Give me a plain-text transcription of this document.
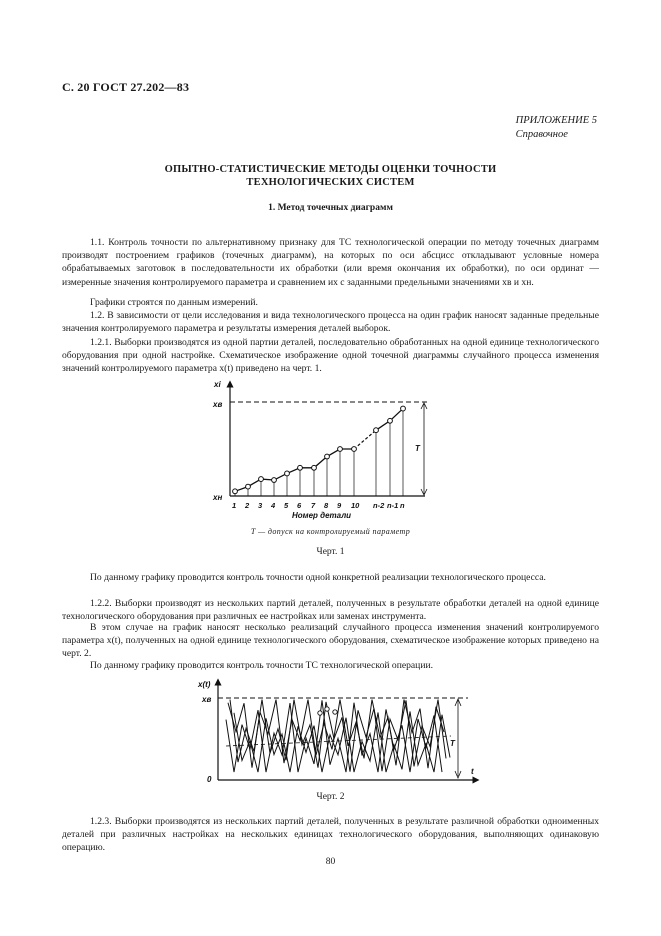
С. 20 ГОСТ 27.202—83
ПРИЛОЖЕНИЕ 5
Справочное
ОПЫТНО-СТАТИСТИЧЕСКИЕ МЕТОДЫ ОЦЕНКИ ТОЧНОСТИ
ТЕХНОЛОГИЧЕСКИХ СИСТЕМ
1. Метод точечных диаграмм
1.1. Контроль точности по альтернативному признаку для ТС технологической операции по методу точечных диаграмм производят построением графиков (точечных диаграмм), на которых по оси абсцисс откладывают условные номера обрабатываемых заготовок в последовательности их обработки (или время окончания их обработки), по оси ординат — измеренные значения контролируемого параметра и сравнением их с заданными предельными значениями xв и xн.
Графики строятся по данным измерений.
1.2. В зависимости от цели исследования и вида технологического процесса на один график наносят заданные предельные значения контролируемого параметра и результаты измерения деталей выборок.
1.2.1. Выборки производятся из одной партии деталей, последовательно обработанных на одной единице технологического оборудования при одной настройке. Схематическое изображение одной точечной диаграммы случайного процесса изменения значений контролируемого параметра x(t) приведено на черт. 1.
xi
xв
xн
T
1 2 3 4 5 6 7 8 9 10 n-2 n-1 n
Номер детали
T — допуск на контролируемый параметр
Черт. 1
По данному графику проводится контроль точности одной конкретной реализации технологического процесса.
1.2.2. Выборки производят из нескольких партий деталей, полученных в результате обработки деталей на одной единице технологического оборудования при различных ее настройках или заменах инструмента.
В этом случае на график наносят несколько реализаций случайного процесса изменения значений контролируемого параметра x(t), полученных на одной единице технологического оборудования, схематическое изображение которых приведено на черт. 2.
По данному графику проводится контроль точности ТС технологической операции.
x(t)
xв
0
T
t
Черт. 2
1.2.3. Выборки производятся из нескольких партий деталей, полученных в результате различной обработки одноименных деталей при различных настройках на нескольких единицах технологического оборудования, выполняющих одинаковую операцию.
80
